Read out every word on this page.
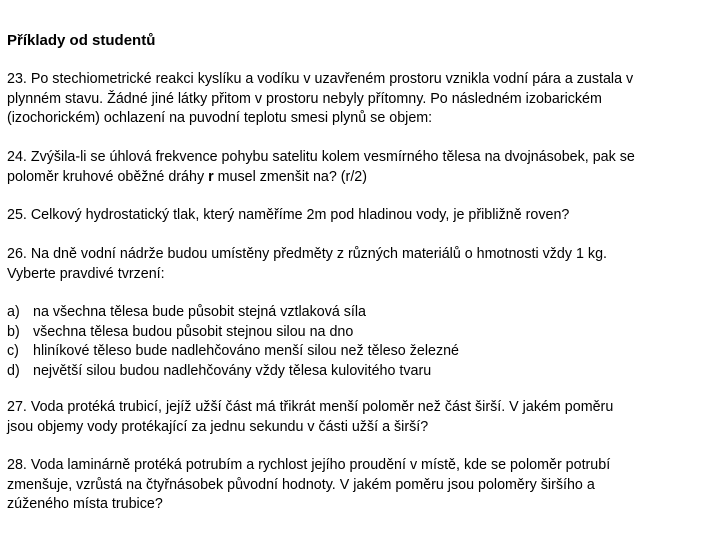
Příklady od studentů
23. Po stechiometrické reakci kyslíku a vodíku v uzavřeném prostoru vznikla vodní pára a zustala v
plynném stavu. Žádné jiné látky přitom v prostoru nebyly přítomny. Po následném izobarickém
(izochorickém) ochlazení na puvodní teplotu smesi plynů se objem:
24. Zvýšila-li se úhlová frekvence pohybu satelitu kolem vesmírného tělesa na dvojnásobek, pak se
poloměr kruhové oběžné dráhy r musel zmenšit na? (r/2)
25. Celkový hydrostatický tlak, který naměříme 2m pod hladinou vody, je přibližně roven?
26. Na dně vodní nádrže budou umístěny předměty z různých materiálů o hmotnosti vždy 1 kg.
Vyberte pravdivé tvrzení:
a) na všechna tělesa bude působit stejná vztlaková síla
b) všechna tělesa budou působit stejnou silou na dno
c) hliníkové těleso bude nadlehčováno menší silou než těleso železné
d) největší silou budou nadlehčovány vždy tělesa kulovitého tvaru
27. Voda protéká trubicí, jejíž užší část má třikrát menší poloměr než část širší. V jakém poměru
jsou objemy vody protékající za jednu sekundu v části užší a širší?
28. Voda laminárně protéká potrubím a rychlost jejího proudění v místě, kde se poloměr potrubí
zmenšuje, vzrůstá na čtyřnásobek původní hodnoty. V jakém poměru jsou poloměry širšího a
zúženého místa trubice?
